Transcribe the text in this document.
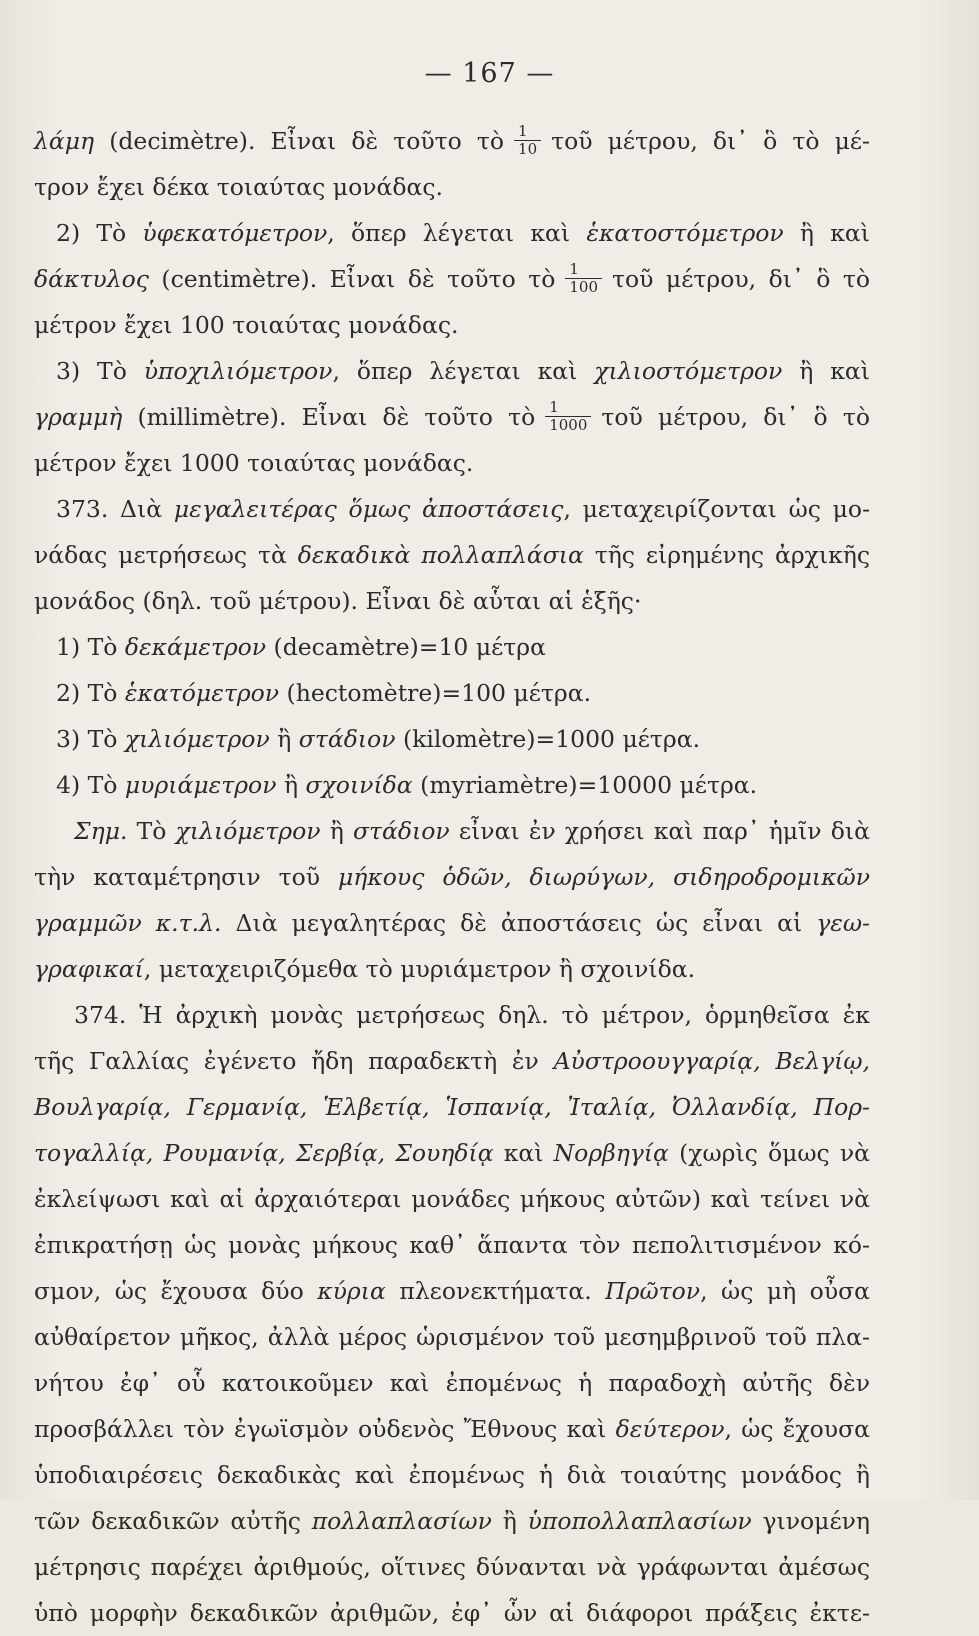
— 167 —
λάμη (decimètre). Εἶναι δὲ τοῦτο τὸ $\frac{1}{10}$ τοῦ μέτρου, δι᾽ ὃ τὸ μέ-
τρον ἔχει δέκα τοιαύτας μονάδας.
2) Τὸ ὑφεκατόμετρον, ὅπερ λέγεται καὶ ἑκατοστόμετρον ἢ καὶ
δάκτυλος (centimètre). Εἶναι δὲ τοῦτο τὸ $\frac{1}{100}$ τοῦ μέτρου, δι᾽ ὃ τὸ
μέτρον ἔχει 100 τοιαύτας μονάδας.
3) Τὸ ὑποχιλιόμετρον, ὅπερ λέγεται καὶ χιλιοστόμετρον ἢ καὶ
γραμμὴ (millimètre). Εἶναι δὲ τοῦτο τὸ $\frac{1}{1000}$ τοῦ μέτρου, δι᾽ ὃ τὸ
μέτρον ἔχει 1000 τοιαύτας μονάδας.
373. Διὰ μεγαλειτέρας ὅμως ἀποστάσεις, μεταχειρίζονται ὡς μο-
νάδας μετρήσεως τὰ δεκαδικὰ πολλαπλάσια τῆς εἰρημένης ἀρχικῆς
μονάδος (δηλ. τοῦ μέτρου). Εἶναι δὲ αὗται αἱ ἑξῆς·
1) Τὸ δεκάμετρον (decamètre)=10 μέτρα
2) Τὸ ἑκατόμετρον (hectomètre)=100 μέτρα.
3) Τὸ χιλιόμετρον ἢ στάδιον (kilomètre)=1000 μέτρα.
4) Τὸ μυριάμετρον ἢ σχοινίδα (myriamètre)=10000 μέτρα.
Σημ. Τὸ χιλιόμετρον ἢ στάδιον εἶναι ἐν χρήσει καὶ παρ᾽ ἡμῖν διὰ
τὴν καταμέτρησιν τοῦ μήκους ὁδῶν, διωρύγων, σιδηροδρομικῶν
γραμμῶν κ.τ.λ. Διὰ μεγαλητέρας δὲ ἀποστάσεις ὡς εἶναι αἱ γεω-
γραφικαί, μεταχειριζόμεθα τὸ μυριάμετρον ἢ σχοινίδα.
374. Ἡ ἀρχικὴ μονὰς μετρήσεως δηλ. τὸ μέτρον, ὁρμηθεῖσα ἐκ
τῆς Γαλλίας ἐγένετο ἤδη παραδεκτὴ ἐν Αὐστροουγγαρίᾳ, Βελγίῳ,
Βουλγαρίᾳ, Γερμανίᾳ, Ἑλβετίᾳ, Ἱσπανίᾳ, Ἰταλίᾳ, Ὀλλανδίᾳ, Πορ-
τογαλλίᾳ, Ρουμανίᾳ, Σερβίᾳ, Σουηδίᾳ καὶ Νορβηγίᾳ (χωρὶς ὅμως νὰ
ἐκλείψωσι καὶ αἱ ἀρχαιότεραι μονάδες μήκους αὐτῶν) καὶ τείνει νὰ
ἐπικρατήσῃ ὡς μονὰς μήκους καθ᾽ ἅπαντα τὸν πεπολιτισμένον κό-
σμον, ὡς ἔχουσα δύο κύρια πλεονεκτήματα. Πρῶτον, ὡς μὴ οὖσα
αὐθαίρετον μῆκος, ἀλλὰ μέρος ὡρισμένον τοῦ μεσημβρινοῦ τοῦ πλα-
νήτου ἐφ᾽ οὗ κατοικοῦμεν καὶ ἐπομένως ἡ παραδοχὴ αὐτῆς δὲν
προσβάλλει τὸν ἐγωϊσμὸν οὐδενὸς Ἔθνους καὶ δεύτερον, ὡς ἔχουσα
ὑποδιαιρέσεις δεκαδικὰς καὶ ἐπομένως ἡ διὰ τοιαύτης μονάδος ἢ
τῶν δεκαδικῶν αὐτῆς πολλαπλασίων ἢ ὑποπολλαπλασίων γινομένη
μέτρησις παρέχει ἀριθμούς, οἵτινες δύνανται νὰ γράφωνται ἀμέσως
ὑπὸ μορφὴν δεκαδικῶν ἀριθμῶν, ἐφ᾽ ὧν αἱ διάφοροι πράξεις ἐκτε-
